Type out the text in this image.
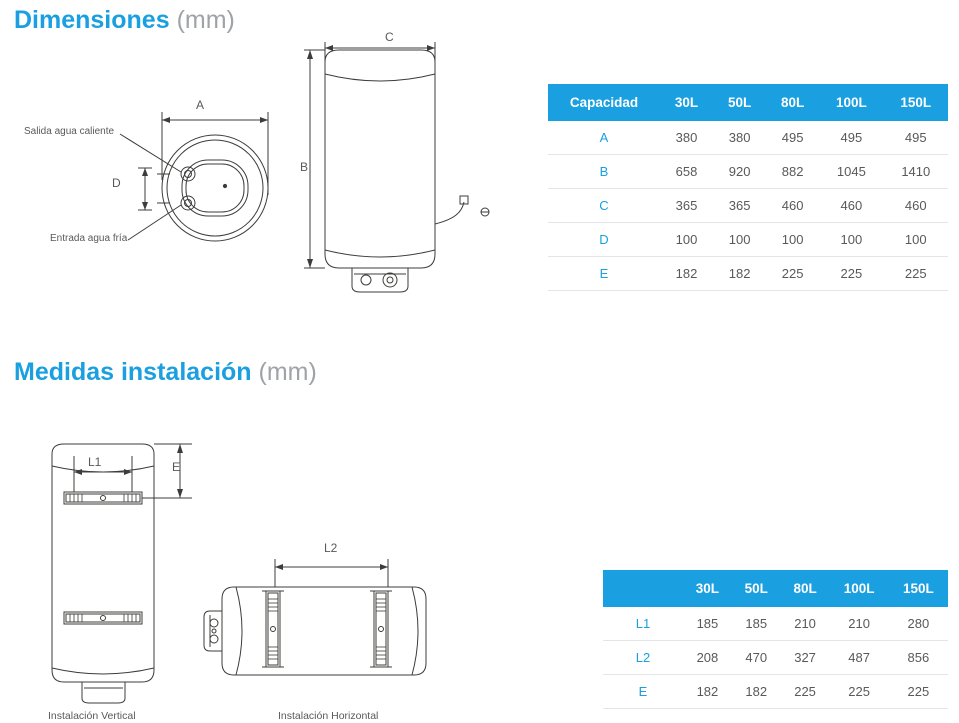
Dimensiones (mm)
Medidas instalación (mm)
Salida agua caliente
Entrada agua fría
A
D
C
B
Capacidad	30L	50L	80L	100L	150L
A	380	380	495	495	495
B	658	920	882	1045	1410
C	365	365	460	460	460
D	100	100	100	100	100
E	182	182	225	225	225
L1	E
Instalación Vertical
L2
Instalación Horizontal
	30L	50L	80L	100L	150L
L1	185	185	210	210	280
L2	208	470	327	487	856
E	182	182	225	225	225
